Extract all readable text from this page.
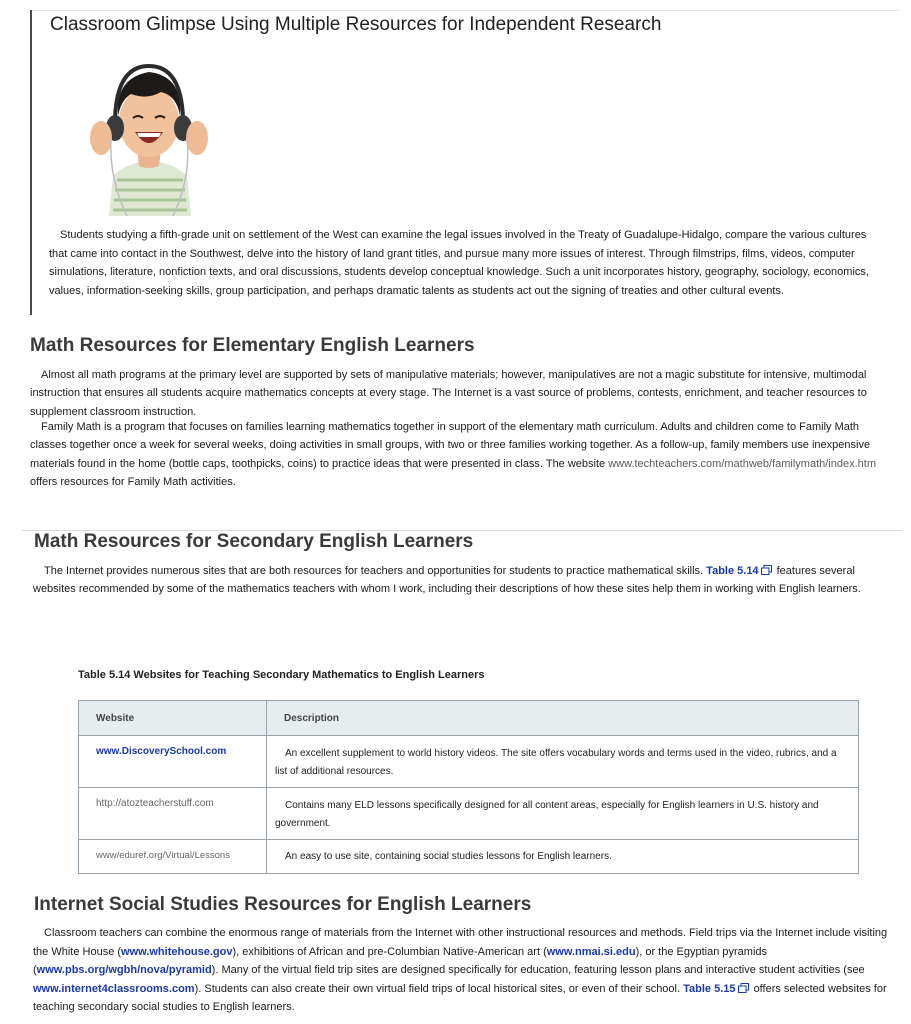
Classroom Glimpse Using Multiple Resources for Independent Research

Students studying a fifth-grade unit on settlement of the West can examine the legal issues involved in the Treaty of Guadalupe-Hidalgo, compare the various cultures that came into contact in the Southwest, delve into the history of land grant titles, and pursue many more issues of interest. Through filmstrips, films, videos, computer simulations, literature, nonfiction texts, and oral discussions, students develop conceptual knowledge. Such a unit incorporates history, geography, sociology, economics, values, information-seeking skills, group participation, and perhaps dramatic talents as students act out the signing of treaties and other cultural events.

Math Resources for Elementary English Learners

Almost all math programs at the primary level are supported by sets of manipulative materials; however, manipulatives are not a magic substitute for intensive, multimodal instruction that ensures all students acquire mathematics concepts at every stage. The Internet is a vast source of problems, contests, enrichment, and teacher resources to supplement classroom instruction.

Family Math is a program that focuses on families learning mathematics together in support of the elementary math curriculum. Adults and children come to Family Math classes together once a week for several weeks, doing activities in small groups, with two or three families working together. As a follow-up, family members use inexpensive materials found in the home (bottle caps, toothpicks, coins) to practice ideas that were presented in class. The website www.techteachers.com/mathweb/familymath/index.htm offers resources for Family Math activities.

Math Resources for Secondary English Learners

The Internet provides numerous sites that are both resources for teachers and opportunities for students to practice mathematical skills. Table 5.14 features several websites recommended by some of the mathematics teachers with whom I work, including their descriptions of how these sites help them in working with English learners.

Table 5.14 Websites for Teaching Secondary Mathematics to English Learners
Website	Description
www.DiscoverySchool.com	An excellent supplement to world history videos. The site offers vocabulary words and terms used in the video, rubrics, and a list of additional resources.

http://atozteacherstuff.com	Contains many ELD lessons specifically designed for all content areas, especially for English learners in U.S. history and government.

www/eduref.org/Virtual/Lessons	An easy to use site, containing social studies lessons for English learners.
Internet Social Studies Resources for English Learners

Classroom teachers can combine the enormous range of materials from the Internet with other instructional resources and methods. Field trips via the Internet include visiting the White House (www.whitehouse.gov), exhibitions of African and pre-Columbian Native-American art (www.nmai.si.edu), or the Egyptian pyramids (www.pbs.org/wgbh/nova/pyramid). Many of the virtual field trip sites are designed specifically for education, featuring lesson plans and interactive student activities (see www.internet4classrooms.com). Students can also create their own virtual field trips of local historical sites, or even of their school. Table 5.15 offers selected websites for teaching secondary social studies to English learners.
